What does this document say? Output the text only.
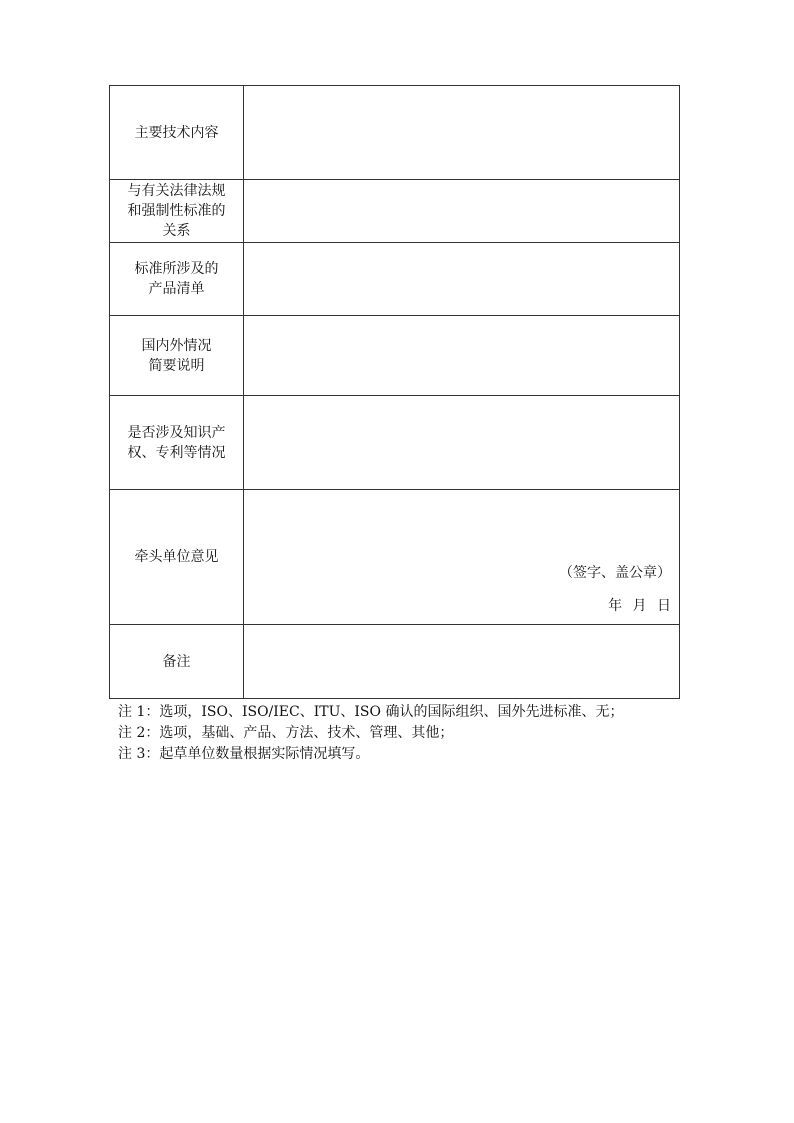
主要技术内容	

与有关法律法规
和强制性标准的
关系	

标准所涉及的
产品清单	

国内外情况
简要说明	

是否涉及知识产
权、专利等情况	

牵头单位意见	（签字、盖公章）
年 月 日

备注	

注 1：选项，ISO、ISO/IEC、ITU、ISO 确认的国际组织、国外先进标准、无；
注 2：选项，基础、产品、方法、技术、管理、其他；
注 3：起草单位数量根据实际情况填写。
